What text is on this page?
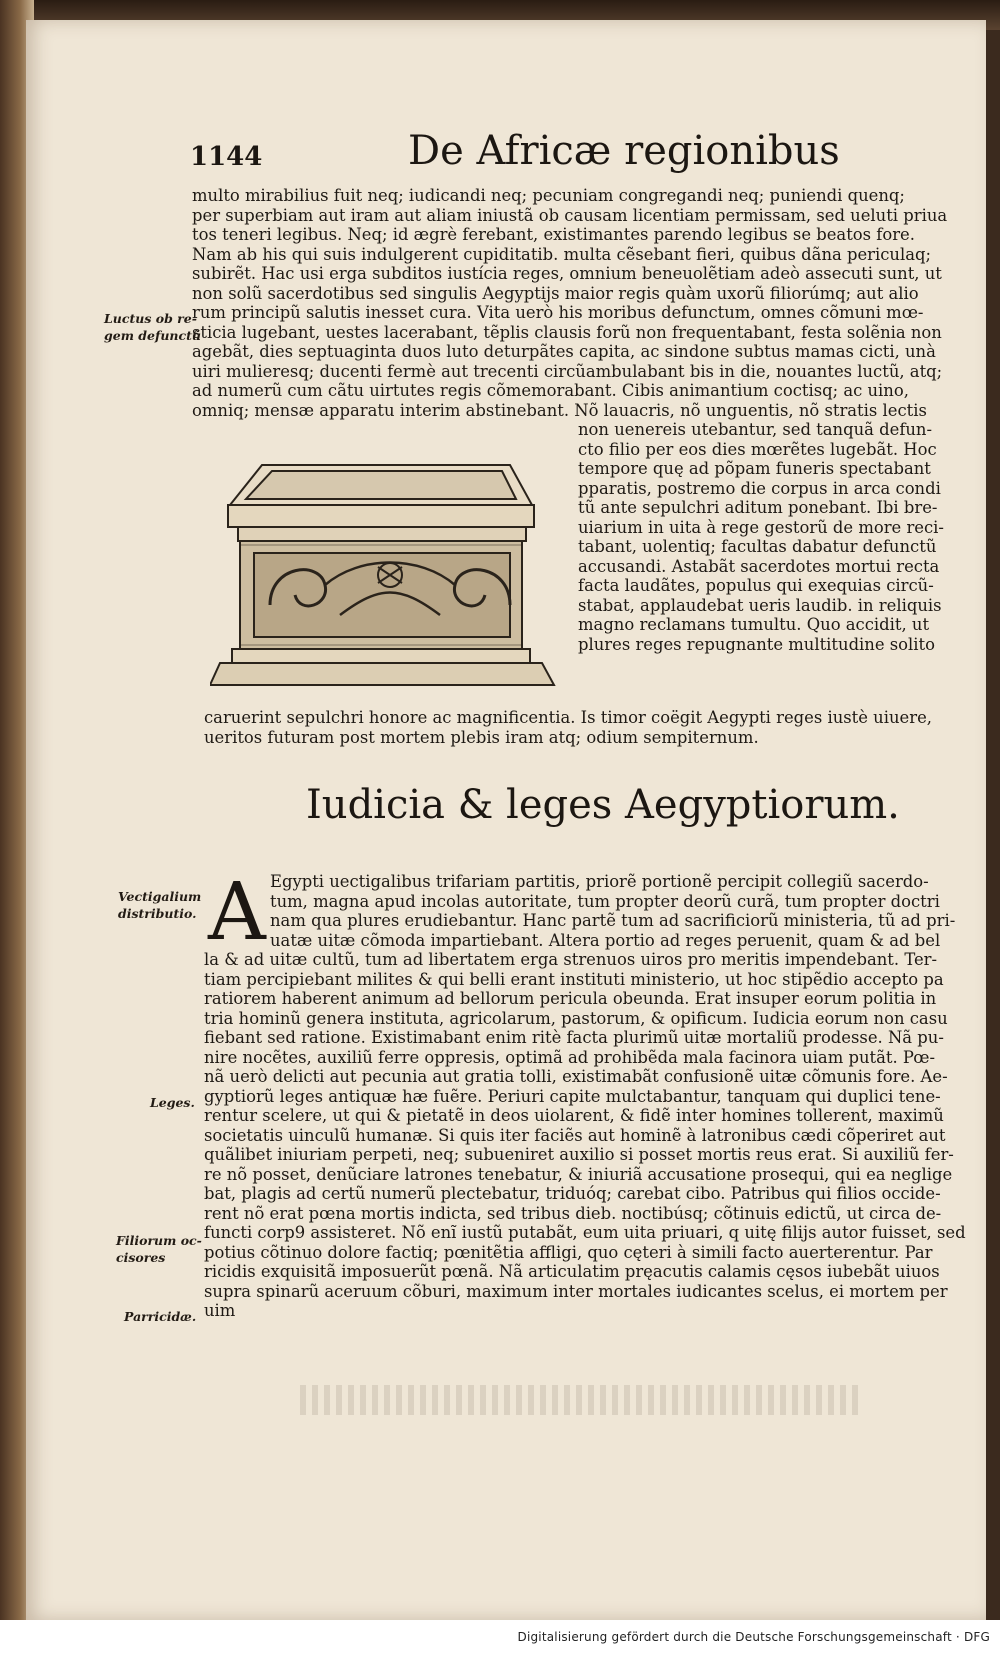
1144	De Africæ regionibus
multo mirabilius fuit neq; iudicandi neq; pecuniam congregandi neq; puniendi quenq;
per superbiam aut iram aut aliam iniustã ob causam licentiam permissam, sed ueluti priua
tos teneri legibus. Neq; id ægrè ferebant, existimantes parendo legibus se beatos fore.
Nam ab his qui suis indulgerent cupiditatib. multa cẽsebant fieri, quibus dãna periculaq;
subirẽt. Hac usi erga subditos iustícia reges, omnium beneuolẽtiam adeò assecuti sunt, ut
non solũ sacerdotibus sed singulis Aegyptijs maior regis quàm uxorũ filiorúmq; aut alio
rum principũ salutis inesset cura. Vita uerò his moribus defunctum, omnes cõmuni mœ-
sticia lugebant, uestes lacerabant, tẽplis clausis forũ non frequentabant, festa solẽnia non
agebãt, dies septuaginta duos luto deturpãtes capita, ac sindone subtus mamas cicti, unà
uiri mulieresq; ducenti fermè aut trecenti circũambulabant bis in die, nouantes luctũ, atq;
ad numerũ cum cãtu uirtutes regis cõmemorabant. Cibis animantium coctisq; ac uino,
omniq; mensæ apparatu interim abstinebant. Nõ lauacris, nõ unguentis, nõ stratis lectis
non uenereis utebantur, sed tanquã defun-
cto filio per eos dies mœrẽtes lugebãt. Hoc
tempore quę ad põpam funeris spectabant
pparatis, postremo die corpus in arca condi
tũ ante sepulchri aditum ponebant. Ibi bre-
uiarium in uita à rege gestorũ de more reci-
tabant, uolentiq; facultas dabatur defunctũ
accusandi. Astabãt sacerdotes mortui recta
facta laudãtes, populus qui exequias circũ-
stabat, applaudebat ueris laudib. in reliquis
magno reclamans tumultu. Quo accidit, ut
plures reges repugnante multitudine solito
caruerint sepulchri honore ac magnificentia. Is timor coëgit Aegypti reges iustè uiuere,
ueritos futuram post mortem plebis iram atq; odium sempiternum.
Iudicia & leges Aegyptiorum.
A Egypti uectigalibus trifariam partitis, priorẽ portionẽ percipit collegiũ sacerdo-
tum, magna apud incolas autoritate, tum propter deorũ curã, tum propter doctri
nam qua plures erudiebantur. Hanc partẽ tum ad sacrificiorũ ministeria, tũ ad pri-
uatæ uitæ cõmoda impartiebant. Altera portio ad reges peruenit, quam & ad bel
la & ad uitæ cultũ, tum ad libertatem erga strenuos uiros pro meritis impendebant. Ter-
tiam percipiebant milites & qui belli erant instituti ministerio, ut hoc stipẽdio accepto pa
ratiorem haberent animum ad bellorum pericula obeunda. Erat insuper eorum politia in
tria hominũ genera instituta, agricolarum, pastorum, & opificum. Iudicia eorum non casu
fiebant sed ratione. Existimabant enim ritè facta plurimũ uitæ mortaliũ prodesse. Nã pu-
nire nocẽtes, auxiliũ ferre oppresis, optimã ad prohibẽda mala facinora uiam putãt. Pœ-
nã uerò delicti aut pecunia aut gratia tolli, existimabãt confusionẽ uitæ cõmunis fore. Ae-
gyptiorũ leges antiquæ hæ fuẽre. Periuri capite mulctabantur, tanquam qui duplici tene-
rentur scelere, ut qui & pietatẽ in deos uiolarent, & fidẽ inter homines tollerent, maximũ
societatis uinculũ humanæ. Si quis iter faciẽs aut hominẽ à latronibus cædi cõperiret aut
quãlibet iniuriam perpeti, neq; subueniret auxilio si posset mortis reus erat. Si auxiliũ fer-
re nõ posset, denũciare latrones tenebatur, & iniuriã accusatione prosequi, qui ea neglige
bat, plagis ad certũ numerũ plectebatur, triduóq; carebat cibo. Patribus qui filios occide-
rent nõ erat pœna mortis indicta, sed tribus dieb. noctibúsq; cõtinuis edictũ, ut circa de-
functi corp9 assisteret. Nõ enĩ iustũ putabãt, eum uita priuari, q uitę filijs autor fuisset, sed
potius cõtinuo dolore factiq; pœnitẽtia affligi, quo cęteri à simili facto auerterentur. Par
ricidis exquisitã imposuerũt pœnã. Nã articulatim pręacutis calamis cęsos iubebãt uiuos
supra spinarũ aceruum cõburi, maximum inter mortales iudicantes scelus, ei mortem per
uim
Luctus ob re-
gem defunctũ
Vectigalium
distributio.
Leges.
Filiorum oc-
cisores
Parricidæ.
Digitalisierung gefördert durch die Deutsche Forschungsgemeinschaft · DFG
